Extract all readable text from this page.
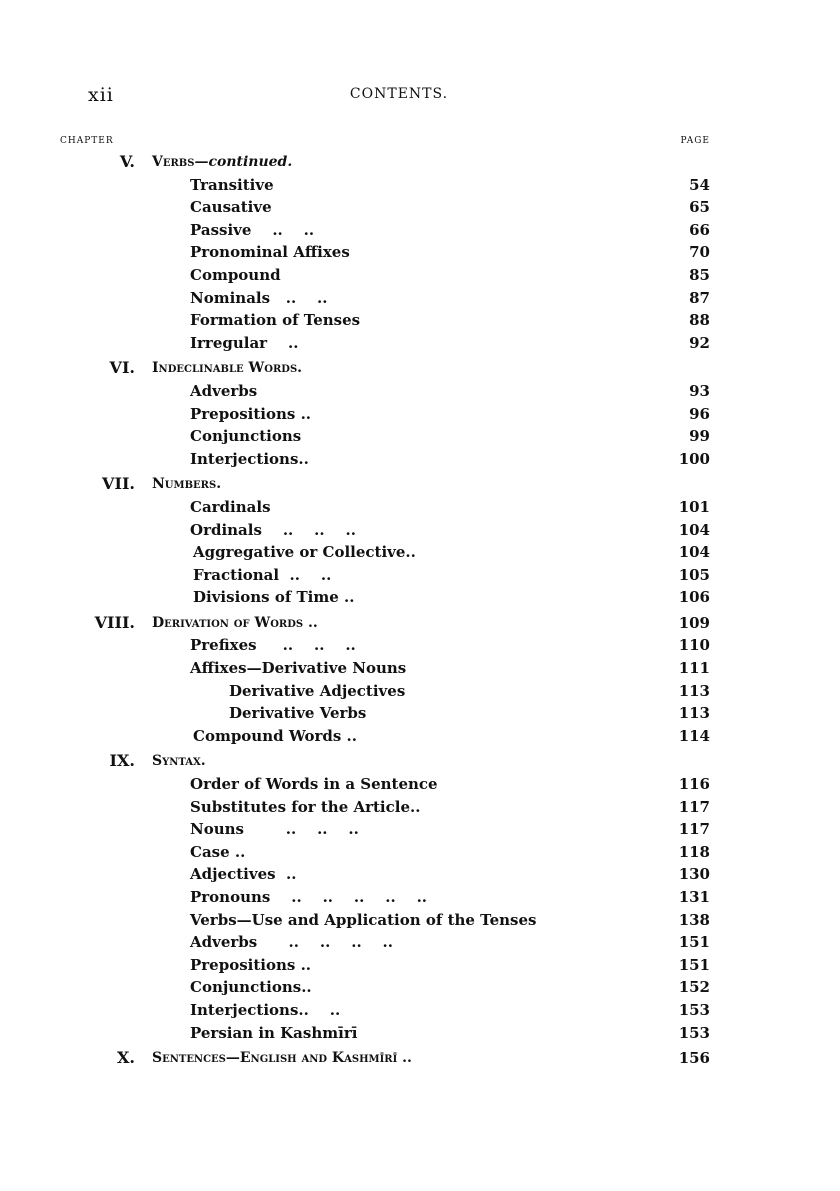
xii	CONTENTS.
CHAPTER	PAGE
V. Verbs—continued.
Transitive	54
Causative	65
Passive    ..    ..	66
Pronominal Affixes	70
Compound	85
Nominals   ..    ..	87
Formation of Tenses	88
Irregular    ..	92
VI. Indeclinable Words.
Adverbs	93
Prepositions ..	96
Conjunctions	99
Interjections..	100
VII. Numbers.
Cardinals	101
Ordinals    ..    ..    ..	104
Aggregative or Collective..	104
Fractional  ..    ..	105
Divisions of Time ..	106
VIII. Derivation of Words ..	109
Prefixes     ..    ..    ..	110
Affixes—Derivative Nouns	111
Derivative Adjectives	113
Derivative Verbs	113
Compound Words ..	114
IX. Syntax.
Order of Words in a Sentence	116
Substitutes for the Article..	117
Nouns        ..    ..    ..	117
Case ..	118
Adjectives  ..	130
Pronouns    ..    ..    ..    ..    ..	131
Verbs—Use and Application of the Tenses	138
Adverbs      ..    ..    ..    ..	151
Prepositions ..	151
Conjunctions..	152
Interjections..    ..	153
Persian in Kashmīrī	153
X. Sentences—English and Kashmīrī ..	156
